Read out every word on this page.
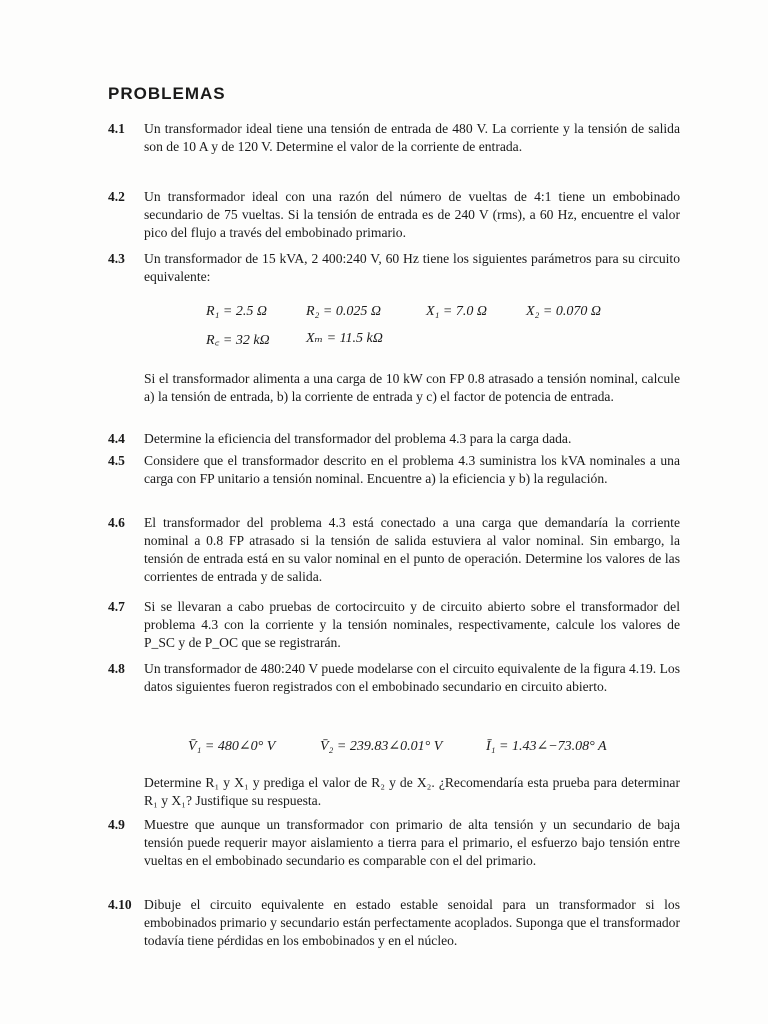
PROBLEMAS
4.1	Un transformador ideal tiene una tensión de entrada de 480 V. La corriente y la tensión de salida son de 10 A y de 120 V. Determine el valor de la corriente de entrada.
4.2	Un transformador ideal con una razón del número de vueltas de 4:1 tiene un embobinado secundario de 75 vueltas. Si la tensión de entrada es de 240 V (rms), a 60 Hz, encuentre el valor pico del flujo a través del embobinado primario.
4.3	Un transformador de 15 kVA, 2 400:240 V, 60 Hz tiene los siguientes parámetros para su circuito equivalente:
R₁ = 2.5 Ω	R₂ = 0.025 Ω	X₁ = 7.0 Ω	X₂ = 0.070 Ω
R꜀ = 32 kΩ	Xₘ = 11.5 kΩ
Si el transformador alimenta a una carga de 10 kW con FP 0.8 atrasado a tensión nominal, calcule a) la tensión de entrada, b) la corriente de entrada y c) el factor de potencia de entrada.
4.4	Determine la eficiencia del transformador del problema 4.3 para la carga dada.
4.5	Considere que el transformador descrito en el problema 4.3 suministra los kVA nominales a una carga con FP unitario a tensión nominal. Encuentre a) la eficiencia y b) la regulación.
4.6	El transformador del problema 4.3 está conectado a una carga que demandaría la corriente nominal a 0.8 FP atrasado si la tensión de salida estuviera al valor nominal. Sin embargo, la tensión de entrada está en su valor nominal en el punto de operación. Determine los valores de las corrientes de entrada y de salida.
4.7	Si se llevaran a cabo pruebas de cortocircuito y de circuito abierto sobre el transformador del problema 4.3 con la corriente y la tensión nominales, respectivamente, calcule los valores de P_SC y de P_OC que se registrarán.
4.8	Un transformador de 480:240 V puede modelarse con el circuito equivalente de la figura 4.19. Los datos siguientes fueron registrados con el embobinado secundario en circuito abierto.
V̄₁ = 480∠0° V	V̄₂ = 239.83∠0.01° V	Ī₁ = 1.43∠−73.08° A
Determine R₁ y X₁ y prediga el valor de R₂ y de X₂. ¿Recomendaría esta prueba para determinar R₁ y X₁? Justifique su respuesta.
4.9	Muestre que aunque un transformador con primario de alta tensión y un secundario de baja tensión puede requerir mayor aislamiento a tierra para el primario, el esfuerzo bajo tensión entre vueltas en el embobinado secundario es comparable con el del primario.
4.10 Dibuje el circuito equivalente en estado estable senoidal para un transformador si los embobinados primario y secundario están perfectamente acoplados. Suponga que el transformador todavía tiene pérdidas en los embobinados y en el núcleo.
